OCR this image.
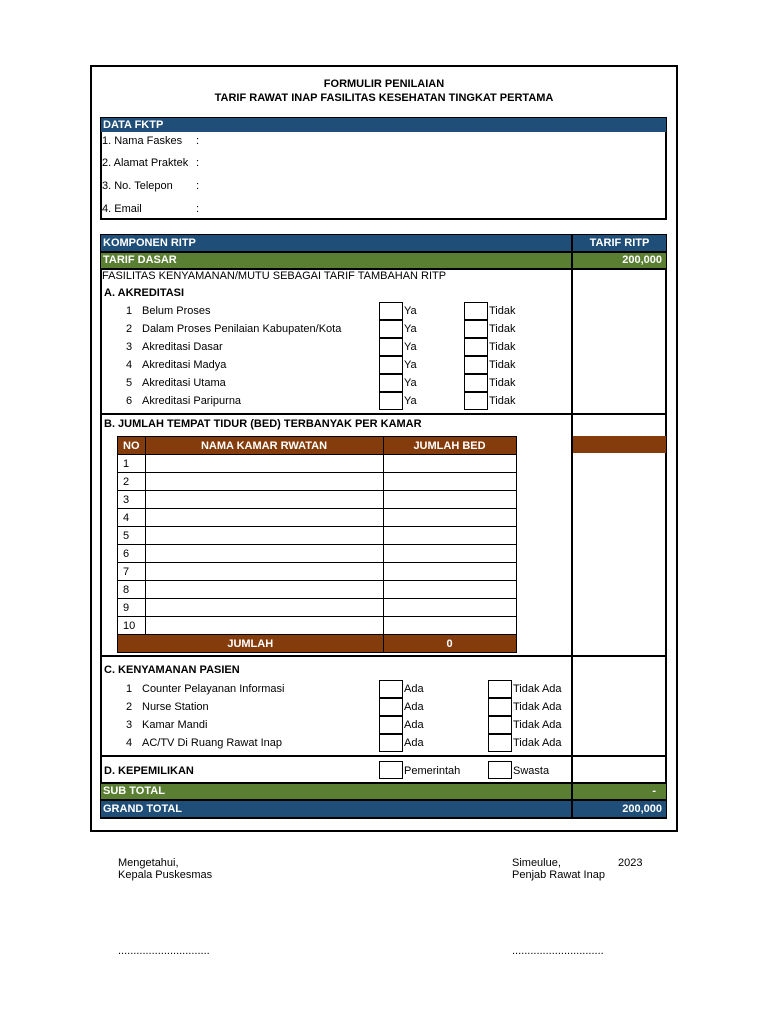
FORMULIR PENILAIAN
TARIF RAWAT INAP FASILITAS KESEHATAN TINGKAT PERTAMA
DATA FKTP
1. Nama Faskes :
2. Alamat Praktek :
3. No. Telepon :
4. Email	:
KOMPONEN RITP	TARIF RITP
TARIF DASAR	200,000
FASILITAS KENYAMANAN/MUTU SEBAGAI TARIF TAMBAHAN RITP
A. AKREDITASI
1 Belum Proses	Ya	Tidak
2 Dalam Proses Penilaian Kabupaten/Kota	Ya	Tidak
3 Akreditasi Dasar	Ya	Tidak
4 Akreditasi Madya	Ya	Tidak
5 Akreditasi Utama	Ya	Tidak
6 Akreditasi Paripurna	Ya	Tidak
B. JUMLAH TEMPAT TIDUR (BED) TERBANYAK PER KAMAR
NO	NAMA KAMAR RWATAN	JUMLAH BED
1		
2		
3		
4		
5		
6		
7		
8		
9		
10		
JUMLAH		0
C. KENYAMANAN PASIEN
1 Counter Pelayanan Informasi	Ada	Tidak Ada
2 Nurse Station	Ada	Tidak Ada
3 Kamar Mandi	Ada	Tidak Ada
4 AC/TV Di Ruang Rawat Inap	Ada	Tidak Ada
D. KEPEMILIKAN	Pemerintah	Swasta
SUB TOTAL	-
GRAND TOTAL	200,000
Mengetahui,
Kepala Puskesmas
Simeulue,	2023
Penjab Rawat Inap
..............................	..............................
